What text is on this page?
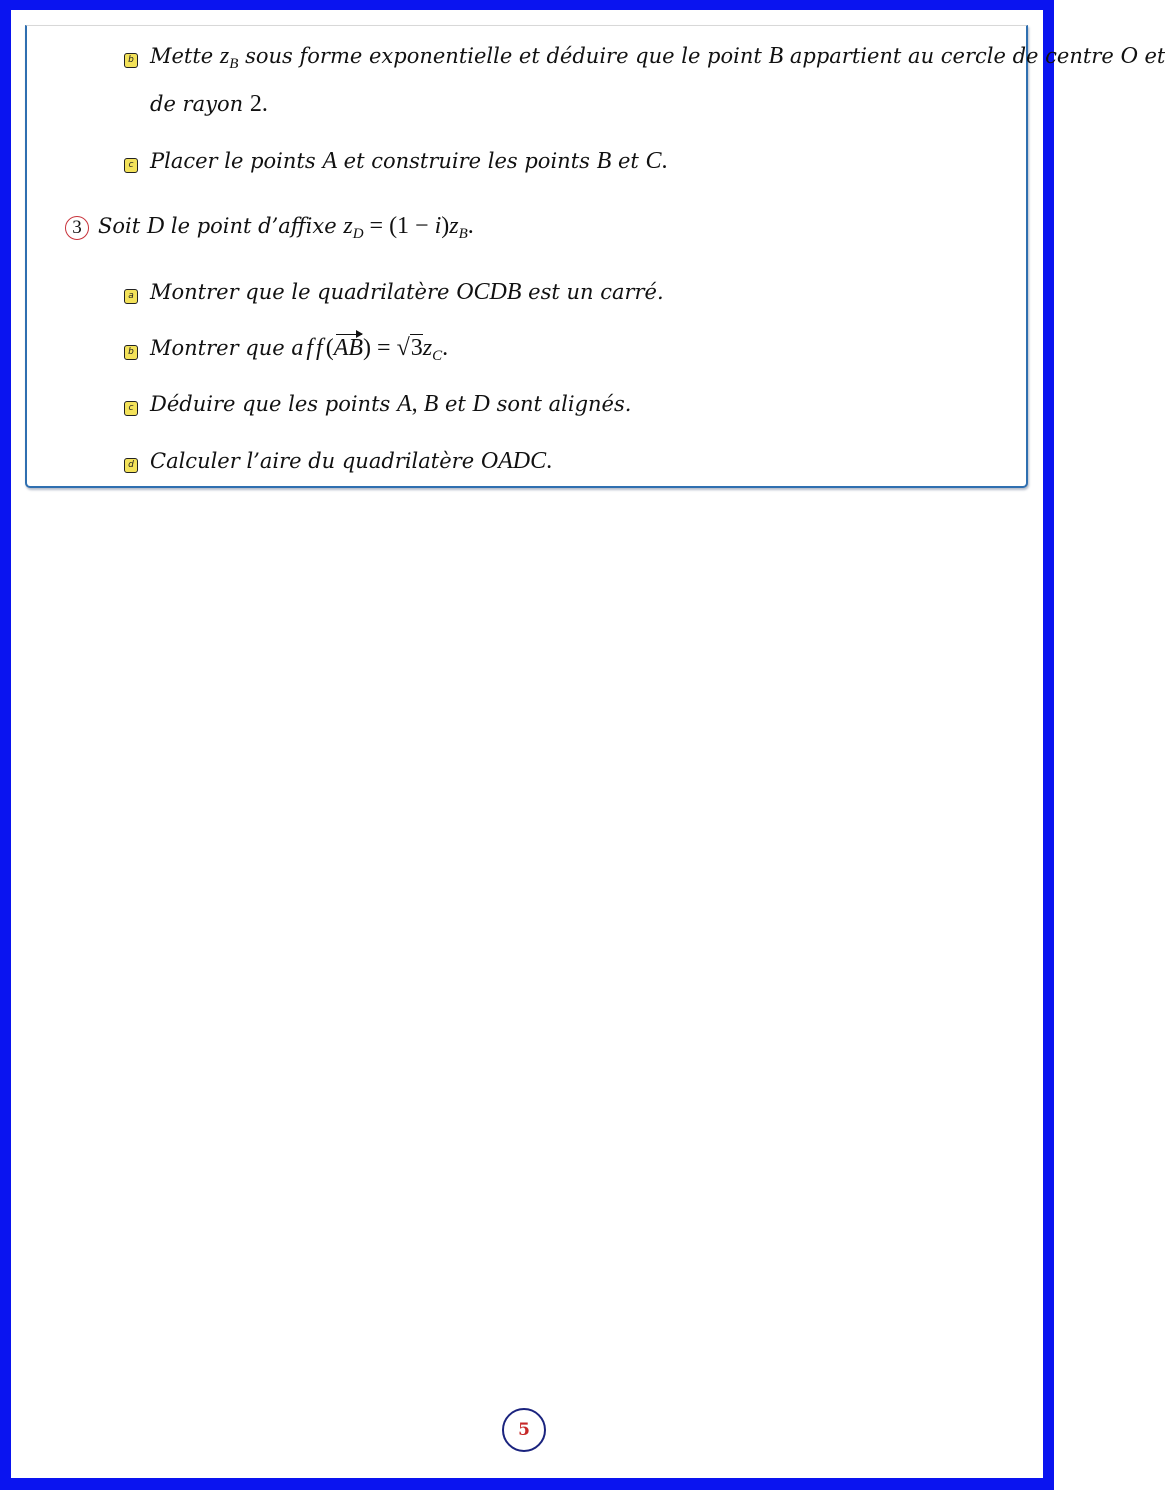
b Mette $z_B$ sous forme exponentielle et déduire que le point B appartient au cercle de centre O et
de rayon 2.
c Placer le points A et construire les points B et C.
3 Soit D le point d’affixe $z_D = (1 - i)z_B$.
a Montrer que le quadrilatère OCDB est un carré.
b Montrer que $aff(AB) = √3z_C$.
c Déduire que les points A, B et D sont alignés.
d Calculer l’aire du quadrilatère OADC.
5
